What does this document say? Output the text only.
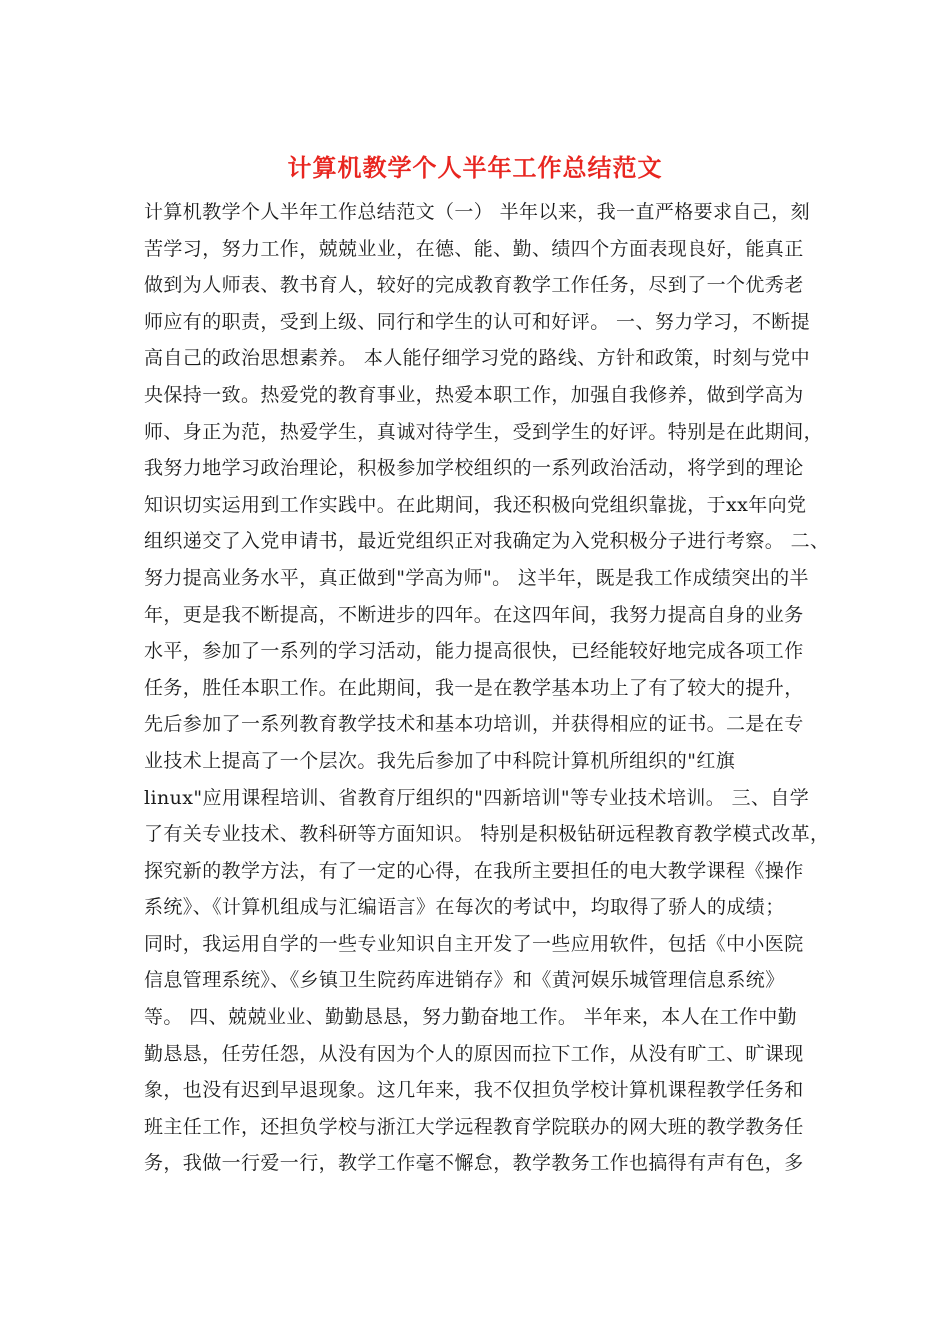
计算机教学个人半年工作总结范文
计算机教学个人半年工作总结范文（一） 半年以来，我一直严格要求自己，刻
苦学习，努力工作，兢兢业业，在德、能、勤、绩四个方面表现良好，能真正
做到为人师表、教书育人，较好的完成教育教学工作任务，尽到了一个优秀老
师应有的职责，受到上级、同行和学生的认可和好评。 一、努力学习，不断提
高自己的政治思想素养。 本人能仔细学习党的路线、方针和政策，时刻与党中
央保持一致。热爱党的教育事业，热爱本职工作，加强自我修养，做到学高为
师、身正为范，热爱学生，真诚对待学生，受到学生的好评。特别是在此期间，
我努力地学习政治理论，积极参加学校组织的一系列政治活动，将学到的理论
知识切实运用到工作实践中。在此期间，我还积极向党组织靠拢，于xx年向党
组织递交了入党申请书，最近党组织正对我确定为入党积极分子进行考察。 二、
努力提高业务水平，真正做到"学高为师"。 这半年，既是我工作成绩突出的半
年，更是我不断提高，不断进步的四年。在这四年间，我努力提高自身的业务
水平，参加了一系列的学习活动，能力提高很快，已经能较好地完成各项工作
任务，胜任本职工作。在此期间，我一是在教学基本功上了有了较大的提升，
先后参加了一系列教育教学技术和基本功培训，并获得相应的证书。二是在专
业技术上提高了一个层次。我先后参加了中科院计算机所组织的"红旗
linux"应用课程培训、省教育厅组织的"四新培训"等专业技术培训。 三、自学
了有关专业技术、教科研等方面知识。 特别是积极钻研远程教育教学模式改革，
探究新的教学方法，有了一定的心得，在我所主要担任的电大教学课程《操作
系统》、《计算机组成与汇编语言》在每次的考试中，均取得了骄人的成绩；
同时，我运用自学的一些专业知识自主开发了一些应用软件，包括《中小医院
信息管理系统》、《乡镇卫生院药库进销存》和《黄河娱乐城管理信息系统》
等。 四、兢兢业业、勤勤恳恳，努力勤奋地工作。 半年来，本人在工作中勤
勤恳恳，任劳任怨，从没有因为个人的原因而拉下工作，从没有旷工、旷课现
象，也没有迟到早退现象。这几年来，我不仅担负学校计算机课程教学任务和
班主任工作，还担负学校与浙江大学远程教育学院联办的网大班的教学教务任
务，我做一行爱一行，教学工作毫不懈怠，教学教务工作也搞得有声有色，多
